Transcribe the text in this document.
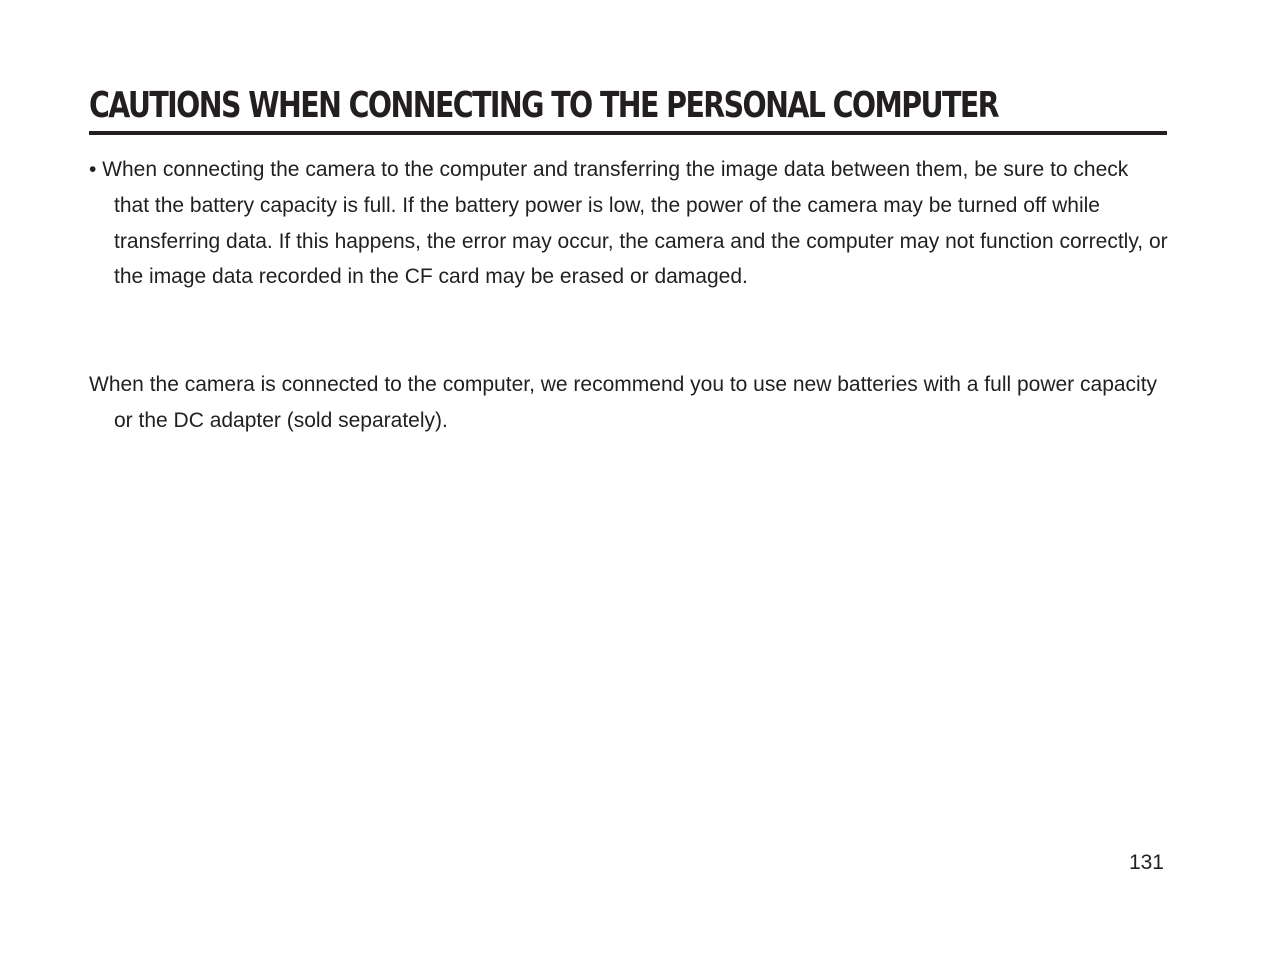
CAUTIONS WHEN CONNECTING TO THE PERSONAL COMPUTER

• When connecting the camera to the computer and transferring the image data between them, be sure to check that the battery capacity is full. If the battery power is low, the power of the camera may be turned off while transferring data. If this happens, the error may occur, the camera and the computer may not function correctly, or the image data recorded in the CF card may be erased or damaged.

When the camera is connected to the computer, we recommend you to use new batteries with a full power capacity or the DC adapter (sold separately).

131
